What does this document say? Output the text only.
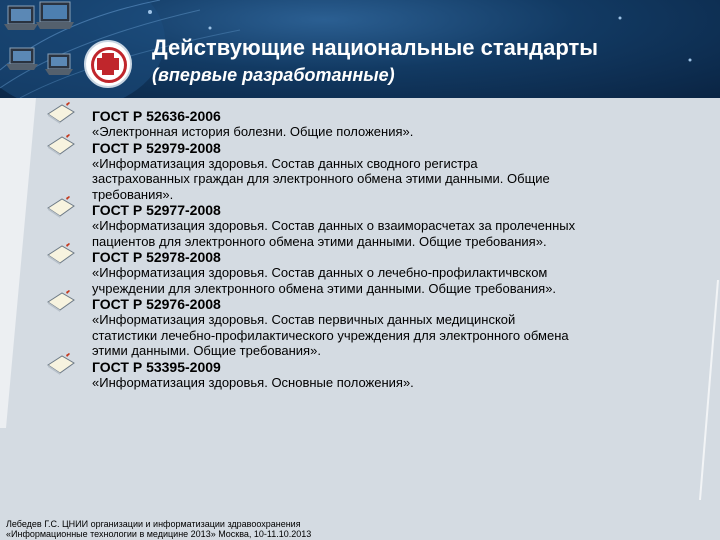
Действующие национальные стандарты
(впервые разработанные)
ГОСТ Р 52636-2006
«Электронная история болезни. Общие положения».
ГОСТ Р 52979-2008
«Информатизация здоровья. Состав данных сводного регистра
застрахованных граждан для электронного обмена этими данными. Общие
требования».
ГОСТ Р 52977-2008
«Информатизация здоровья. Состав данных о взаиморасчетах за пролеченных
пациентов для электронного обмена этими данными. Общие требования».
ГОСТ Р 52978-2008
«Информатизация здоровья. Состав данных о лечебно-профилактичвском
учреждении для электронного обмена этими данными. Общие требования».
ГОСТ Р 52976-2008
«Информатизация здоровья. Состав первичных данных медицинской
статистики лечебно-профилактического учреждения для электронного обмена
этими данными. Общие требования».
ГОСТ Р 53395-2009
«Информатизация здоровья. Основные положения».
Лебедев Г.С. ЦНИИ организации и информатизации здравоохранения
«Информационные технологии в медицине 2013» Москва, 10-11.10.2013
